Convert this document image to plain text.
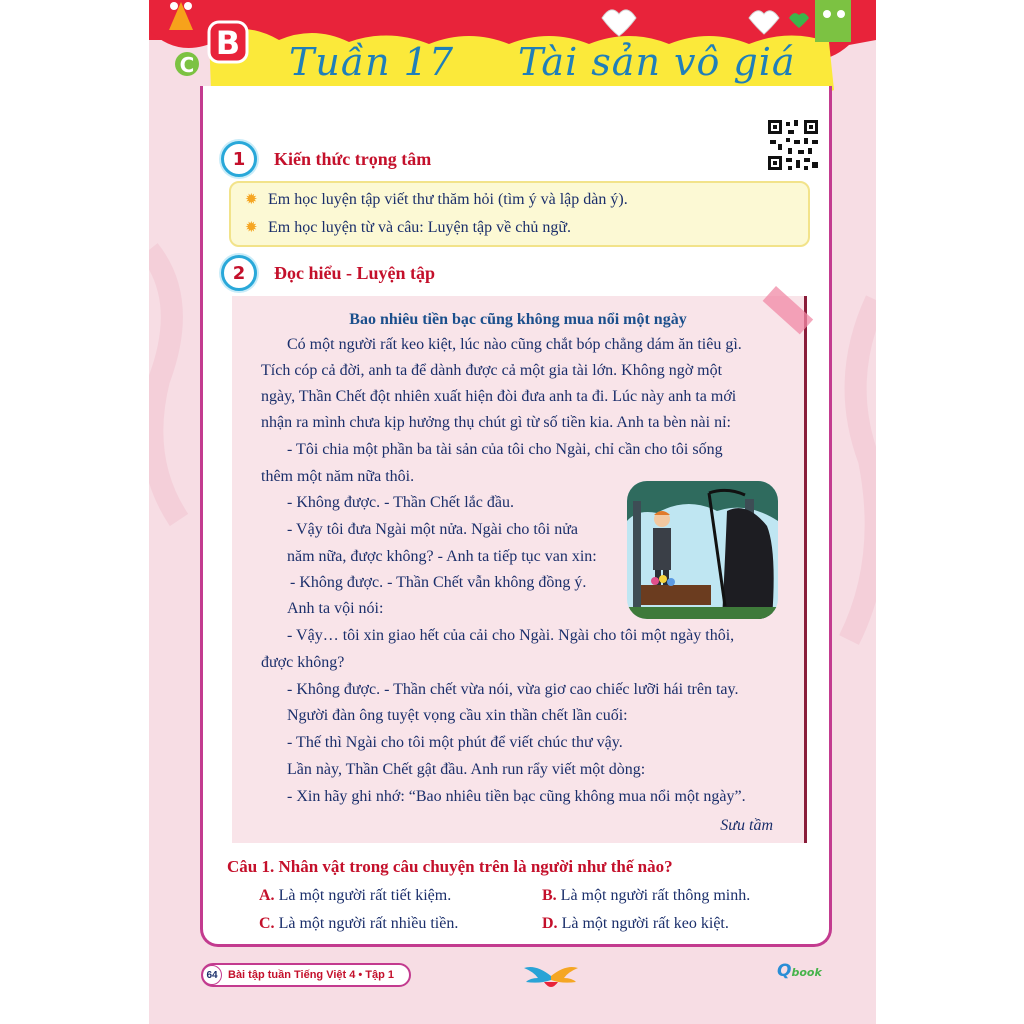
B
C Tuần 17 Tài sản vô giá
1	Kiến thức trọng tâm
✹ Em học luyện tập viết thư thăm hỏi (tìm ý và lập dàn ý).
✹ Em học luyện từ và câu: Luyện tập về chủ ngữ.
2	Đọc hiểu - Luyện tập
Bao nhiêu tiền bạc cũng không mua nổi một ngày
Có một người rất keo kiệt, lúc nào cũng chắt bóp chẳng dám ăn tiêu gì.
Tích cóp cả đời, anh ta để dành được cả một gia tài lớn. Không ngờ một
ngày, Thần Chết đột nhiên xuất hiện đòi đưa anh ta đi. Lúc này anh ta mới
nhận ra mình chưa kịp hưởng thụ chút gì từ số tiền kia. Anh ta bèn nài nỉ:
- Tôi chia một phần ba tài sản của tôi cho Ngài, chỉ cần cho tôi sống
thêm một năm nữa thôi.
- Không được. - Thần Chết lắc đầu.
- Vậy tôi đưa Ngài một nửa. Ngài cho tôi nửa
năm nữa, được không? - Anh ta tiếp tục van xin:
- Không được. - Thần Chết vẫn không đồng ý.
Anh ta vội nói:
- Vậy… tôi xin giao hết của cải cho Ngài. Ngài cho tôi một ngày thôi,
được không?
- Không được. - Thần chết vừa nói, vừa giơ cao chiếc lưỡi hái trên tay.
Người đàn ông tuyệt vọng cầu xin thần chết lần cuối:
- Thế thì Ngài cho tôi một phút để viết chúc thư vậy.
Lần này, Thần Chết gật đầu. Anh run rẩy viết một dòng:
- Xin hãy ghi nhớ: “Bao nhiêu tiền bạc cũng không mua nổi một ngày”.
Sưu tầm
Câu 1. Nhân vật trong câu chuyện trên là người như thế nào?
A. Là một người rất tiết kiệm.	B. Là một người rất thông minh.
C. Là một người rất nhiều tiền.	D. Là một người rất keo kiệt.
64 Bài tập tuần Tiếng Việt 4 • Tập 1	Qbook
